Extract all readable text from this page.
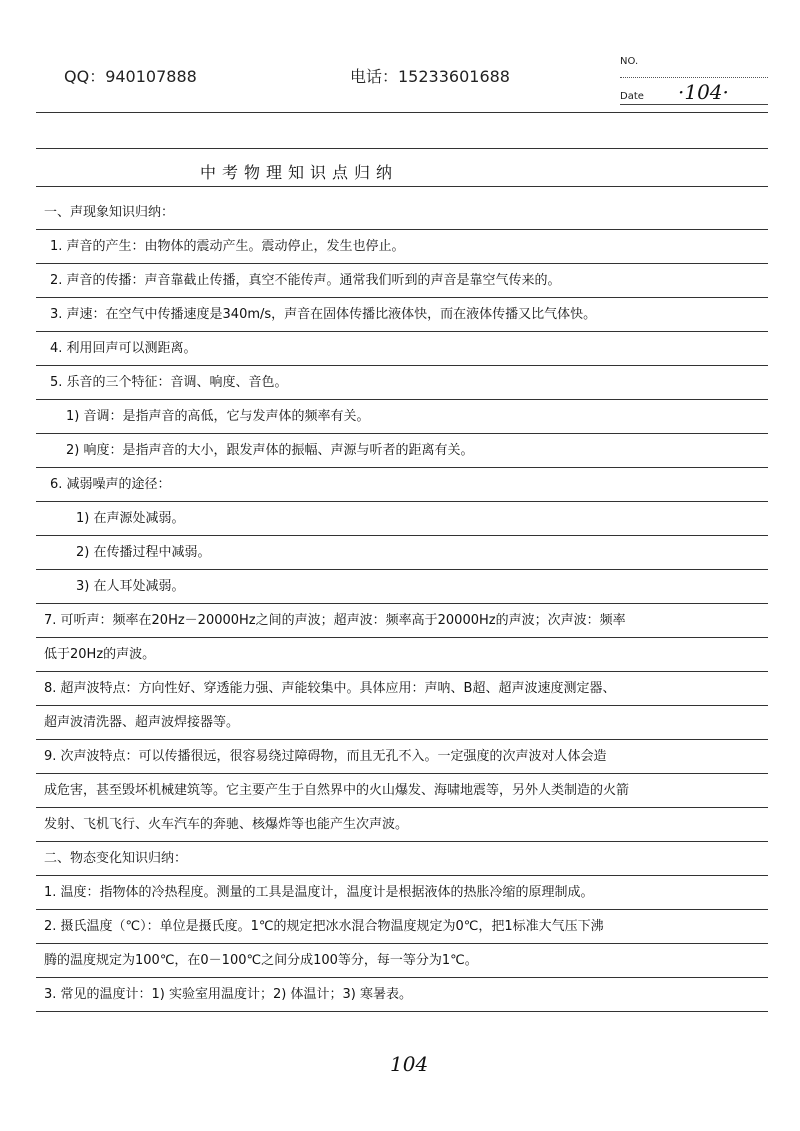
QQ：940107888	电话：15233601688
NO.
Date ·104·
中考物理知识点归纳
一、声现象知识归纳：
1. 声音的产生：由物体的震动产生。震动停止，发生也停止。
2. 声音的传播：声音靠截止传播，真空不能传声。通常我们听到的声音是靠空气传来的。
3. 声速：在空气中传播速度是340m/s，声音在固体传播比液体快，而在液体传播又比气体快。
4. 利用回声可以测距离。
5. 乐音的三个特征：音调、响度、音色。
1) 音调：是指声音的高低，它与发声体的频率有关。
2) 响度：是指声音的大小，跟发声体的振幅、声源与听者的距离有关。
6. 减弱噪声的途径：
1) 在声源处减弱。
2) 在传播过程中减弱。
3) 在人耳处减弱。
7. 可听声：频率在20Hz－20000Hz之间的声波；超声波：频率高于20000Hz的声波；次声波：频率
低于20Hz的声波。
8. 超声波特点：方向性好、穿透能力强、声能较集中。具体应用：声呐、B超、超声波速度测定器、
超声波清洗器、超声波焊接器等。
9. 次声波特点：可以传播很远，很容易绕过障碍物，而且无孔不入。一定强度的次声波对人体会造
成危害，甚至毁坏机械建筑等。它主要产生于自然界中的火山爆发、海啸地震等，另外人类制造的火箭
发射、飞机飞行、火车汽车的奔驰、核爆炸等也能产生次声波。
二、物态变化知识归纳：
1. 温度：指物体的冷热程度。测量的工具是温度计，温度计是根据液体的热胀冷缩的原理制成。
2. 摄氏温度（℃）：单位是摄氏度。1℃的规定把冰水混合物温度规定为0℃，把1标准大气压下沸
腾的温度规定为100℃，在0－100℃之间分成100等分，每一等分为1℃。
3. 常见的温度计：1) 实验室用温度计；2) 体温计；3) 寒暑表。
104
